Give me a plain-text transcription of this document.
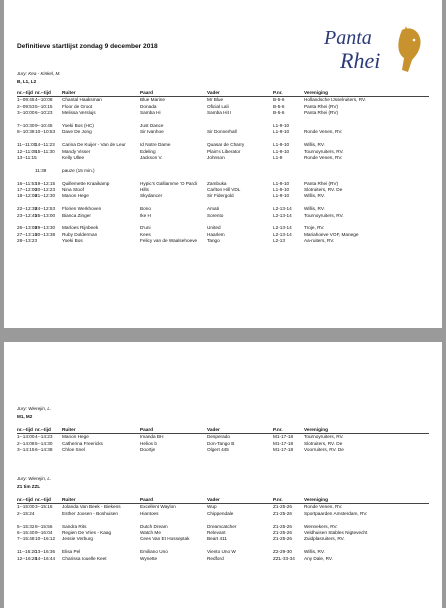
Definitieve startlijst zondag 9 december 2018	Panta
Rhei
Jury: Kea - Kinkel, M.
B, L1, L2
nr.--tijd	nr.--tijd	Ruiter	Paard	Vader	P.nr.	Vereniging
1--09:45	4--10:08	Chantal Haaksman	Blue Marine	Mr Blue	B-5-6	Hollandsche IJsselruiters, RV.
2--09:53	5--10:15	Floor de Groot	Donada	Oficial Lali	B-5-6	Panta Rhei (RV)
3--10:00	6--10:23	Melissa Verslujs	Samba Hi	Samba Hit I	B-5-6	Panta Rhei (RV)

7--10:30	9--10:45	Yoeki Bos (HC)	Just Dance		L1-9-10	
8--10:38	10--10:53	Dave De Jong	Sir Ivanhoe	Sir Donnerhall	L1-9-10	Ronde Venen, RV.

11--11:00	14--11:23	Carina De Kuijer - Van de Leur	Id Notre Dame	Quasar de Charry	L1-9-10	Willis, RV.
12--11:08	15--11:30	Mandy Visser	Edeling	Plain's Liberator	L1-9-10	Tournoyruiters, RV.
13--11:15		Kelly Ullee	Jackson V.	Johnson	L1-9	Ronde Venen, RV.

	11:38	pauze (15 min.)				

16--11:53	19--12:15	Quillemette Kraaikamp	Hypic's Galliamme 'O Pardi	Zambuka	L1-9-10	Panta Rhei (RV)
17--12:00	20--12:23	Nina Stoof	Hills	Carlton Hill VDL	L1-9-10	Slotruiters, RV. De
18--12:08	21--12:30	Manon Hege	Skydancer	Sir Fidergold	L1-9-10	Willis, RV.

22--12:38	24--12:53	Florien Werkhoven	Bono	Amati	L2-13-14	Willis, RV.
23--12:45	25--13:00	Bianca Zinger	Ike H	Sorento	L2-13-14	Tournoyruiters, RV.

26--13:08	29--13:30	Marloes Rijnbeek	D'uni	United	L2-13-14	Troje, RV.
27--13:15	30--13:38	Ruby Dolderman	Kees	Haarlem	L2-13-14	Mariahoeve VOF, Manege
28--13:23		Yoeki Bos	Felicy van de Waalsehoeve	Tango	L2-13	Aa-ruiters, RV.
Jury: Wierejin, L.
M1, M2
nr.--tijd	nr.--tijd	Ruiter	Paard	Vader	P.nr.	Vereniging
1--14:00	4--14:23	Manon Hege	Imanda BH	Desperado	M1-17-18	Tournoyruiters, RV.
2--14:08	5--14:30	Catherina Freericks	Helios b	Don-Tango B	M1-17-18	Slotruiters, RV. De
3--14:15	6--14:38	Chloe Snel	Doortje	Olgert 445	M1-17-18	Voorruiters, RV. De
Jury: Wierejin, L.
Z1 tim ZZL
nr.--tijd	nr.--tijd	Ruiter	Paard	Vader	P.nr.	Vereniging
1--15:00	3--15:16	Jolanda Van Beek - Biekens	Excellent Waylon	Wup	Z1-25-26	Ronde Venen, RV.
2--15:24		Esther Joosen - Boshuisen	Hiantoes	Chippendale	Z1-25-26	Sportpaarden Amsterdam, RV.

5--15:32	8--15:56	Sandra Rits	Dutch Dream	Dreamcatcher	Z1-25-26	Wennekers, RV.
6--15:40	9--16:04	Regien De Vries - Kaag	Watch Me	Relevant	Z1-25-26	Veldhuisen Stables Nigtevecht
7--15:48	10--16:12	Jessie Verburg	Cees Van Et Hosseptak	Beart 411	Z1-25-26	Zuidplasruiters, RV.

11--16:20	13--16:36	Elisa Pel	Emiliano Uno	Viento Uno W	Z2-29-30	Willis, RV.
12--16:28	14--16:44	Charissa Iouelle Keet	Wynette	Redford	ZZL-33-34	Any Dale, RV.
